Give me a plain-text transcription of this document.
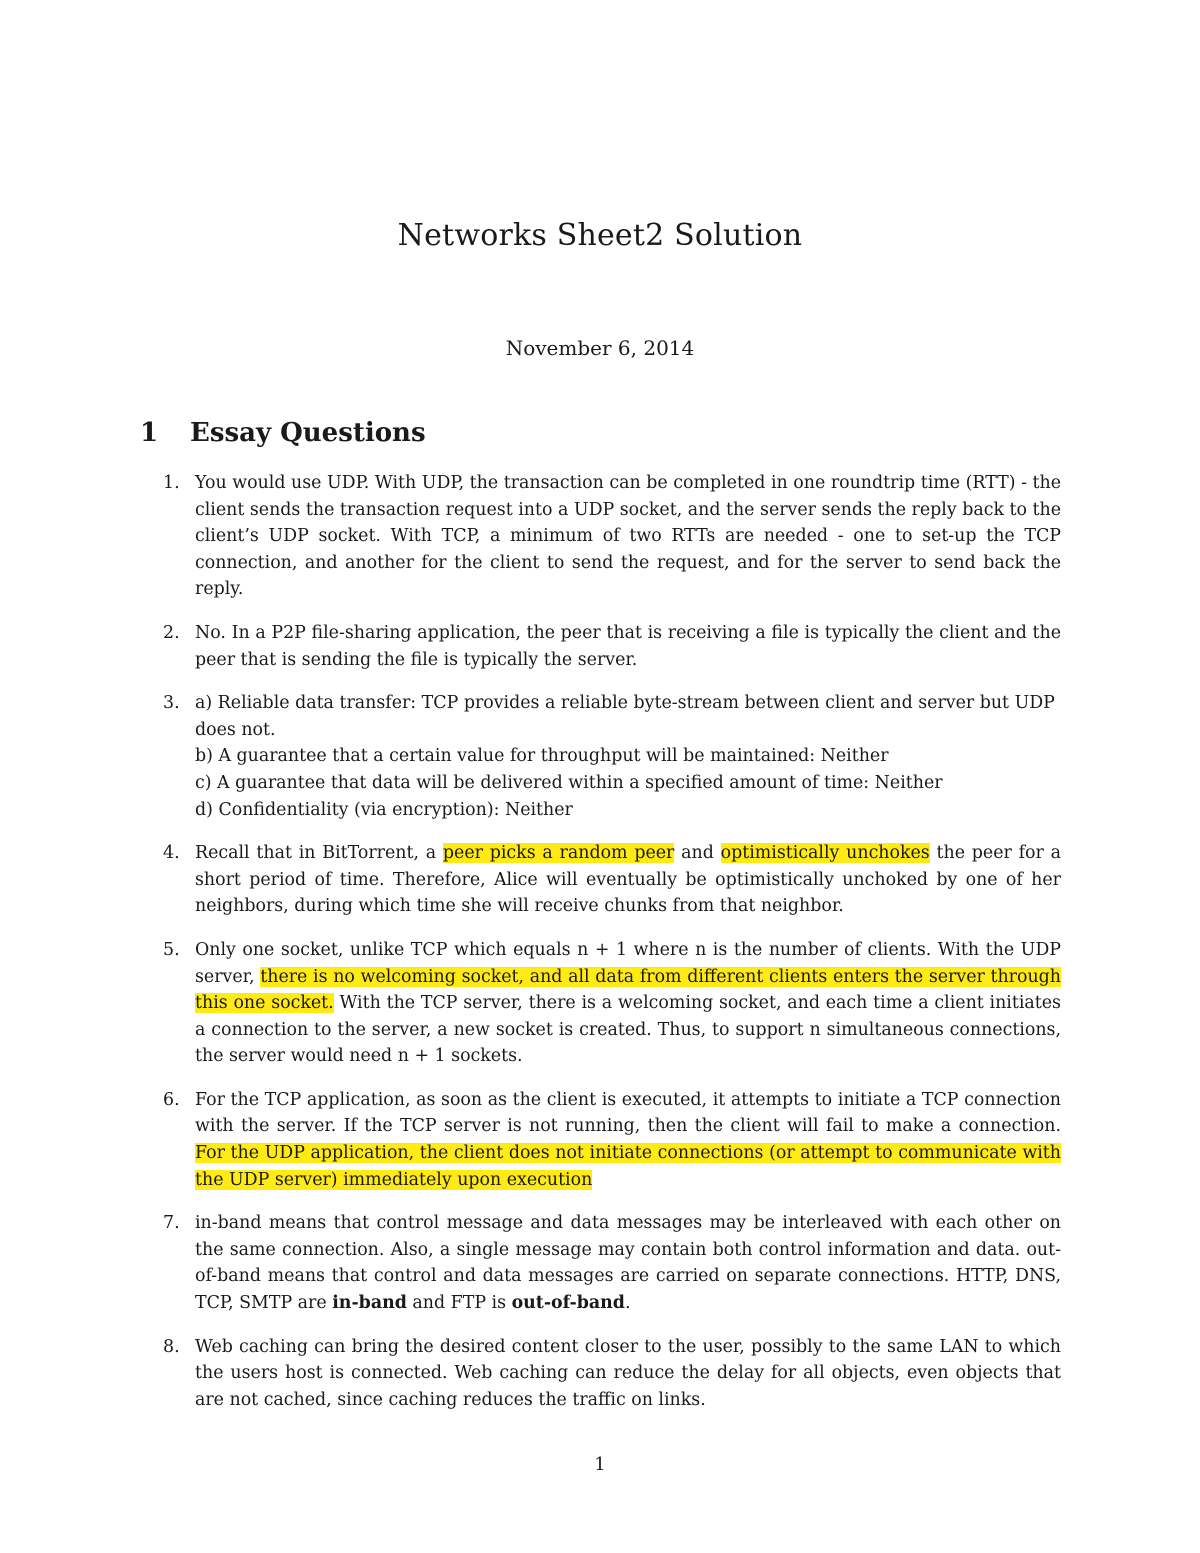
Networks Sheet2 Solution
November 6, 2014
1 Essay Questions
1. You would use UDP. With UDP, the transaction can be completed in one roundtrip time (RTT) - the client sends the transaction request into a UDP socket, and the server sends the reply back to the client’s UDP socket. With TCP, a minimum of two RTTs are needed - one to set-up the TCP connection, and another for the client to send the request, and for the server to send back the reply.
2. No. In a P2P file-sharing application, the peer that is receiving a file is typically the client and the peer that is sending the file is typically the server.
3. a) Reliable data transfer: TCP provides a reliable byte-stream between client and server but UDP does not.
b) A guarantee that a certain value for throughput will be maintained: Neither
c) A guarantee that data will be delivered within a specified amount of time: Neither
d) Confidentiality (via encryption): Neither
4. Recall that in BitTorrent, a peer picks a random peer and optimistically unchokes the peer for a short period of time. Therefore, Alice will eventually be optimistically unchoked by one of her neighbors, during which time she will receive chunks from that neighbor.
5. Only one socket, unlike TCP which equals n + 1 where n is the number of clients. With the UDP server, there is no welcoming socket, and all data from different clients enters the server through this one socket. With the TCP server, there is a welcoming socket, and each time a client initiates a connection to the server, a new socket is created. Thus, to support n simultaneous connections, the server would need n + 1 sockets.
6. For the TCP application, as soon as the client is executed, it attempts to initiate a TCP connection with the server. If the TCP server is not running, then the client will fail to make a connection. For the UDP application, the client does not initiate connections (or attempt to communicate with the UDP server) immediately upon execution
7. in-band means that control message and data messages may be interleaved with each other on the same connection. Also, a single message may contain both control information and data. out-of-band means that control and data messages are carried on separate connections. HTTP, DNS, TCP, SMTP are in-band and FTP is out-of-band.
8. Web caching can bring the desired content closer to the user, possibly to the same LAN to which the users host is connected. Web caching can reduce the delay for all objects, even objects that are not cached, since caching reduces the traffic on links.
1
